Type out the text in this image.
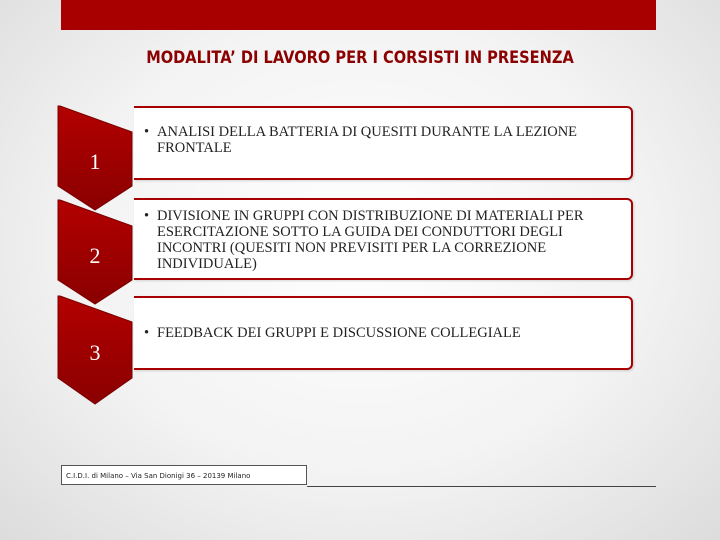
MODALITA’ DI LAVORO PER I CORSISTI IN PRESENZA
1
• ANALISI DELLA BATTERIA DI QUESITI DURANTE LA LEZIONE FRONTALE
2
• DIVISIONE IN GRUPPI CON DISTRIBUZIONE DI MATERIALI PER ESERCITAZIONE SOTTO LA GUIDA DEI CONDUTTORI DEGLI INCONTRI (QUESITI NON PREVISITI PER LA CORREZIONE INDIVIDUALE)
3
• FEEDBACK DEI GRUPPI E DISCUSSIONE COLLEGIALE
C.I.D.I. di Milano – Via San Dionigi 36 – 20139 Milano
